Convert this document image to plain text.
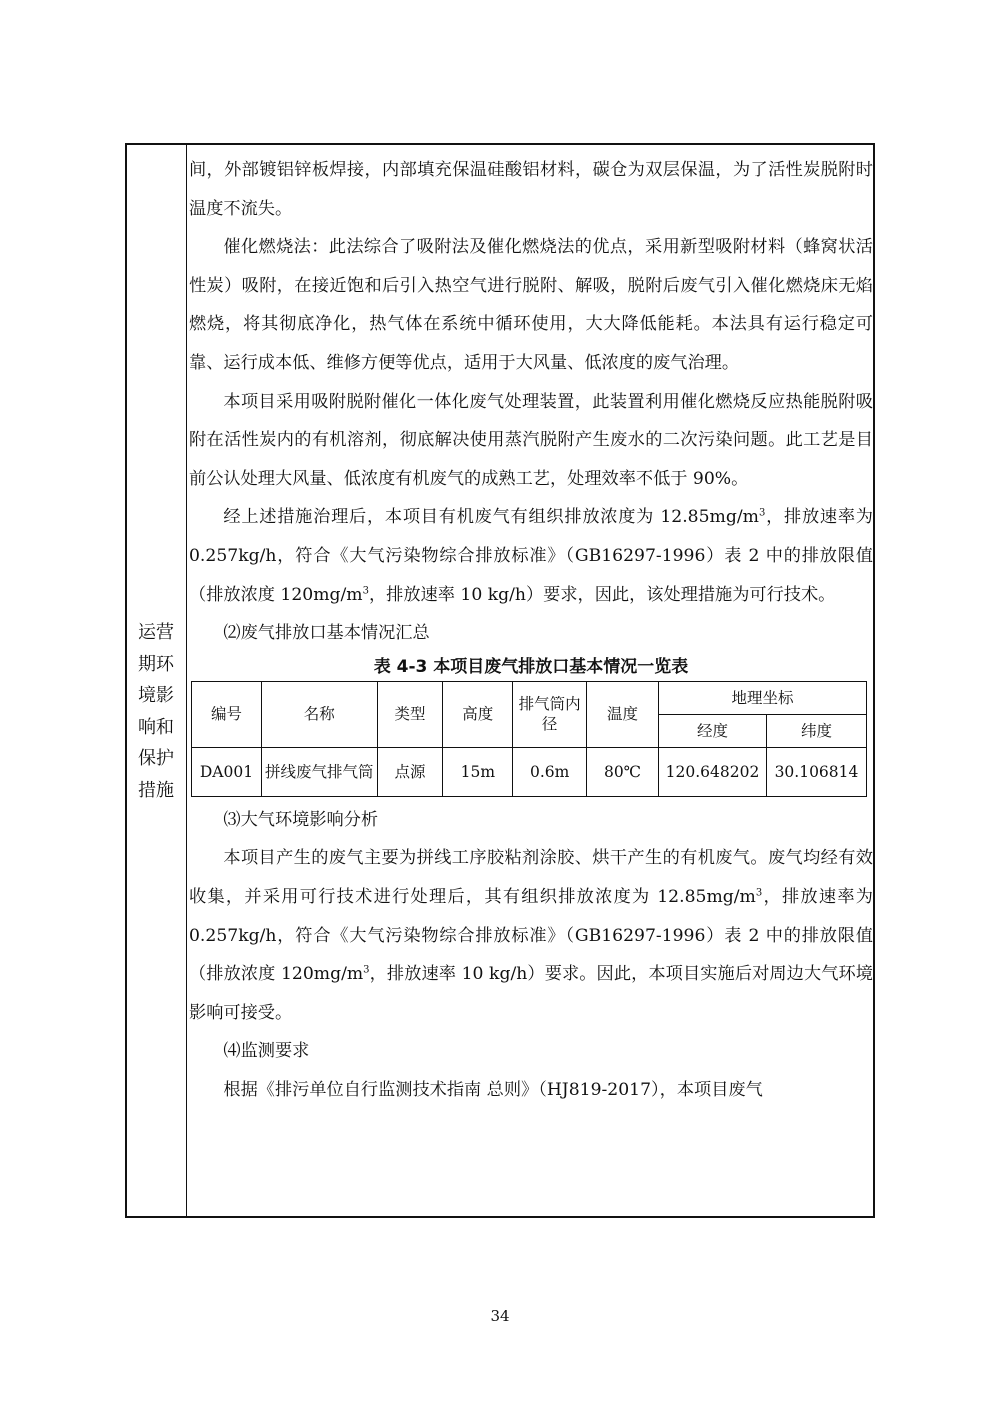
运营
期环
境影
响和
保护
措施

间，外部镀铝锌板焊接，内部填充保温硅酸铝材料，碳仓为双层保温，为了活性炭脱附时温度不流失。

催化燃烧法：此法综合了吸附法及催化燃烧法的优点，采用新型吸附材料（蜂窝状活性炭）吸附，在接近饱和后引入热空气进行脱附、解吸，脱附后废气引入催化燃烧床无焰燃烧，将其彻底净化，热气体在系统中循环使用，大大降低能耗。本法具有运行稳定可靠、运行成本低、维修方便等优点，适用于大风量、低浓度的废气治理。

本项目采用吸附脱附催化一体化废气处理装置，此装置利用催化燃烧反应热能脱附吸附在活性炭内的有机溶剂，彻底解决使用蒸汽脱附产生废水的二次污染问题。此工艺是目前公认处理大风量、低浓度有机废气的成熟工艺，处理效率不低于 90%。

经上述措施治理后，本项目有机废气有组织排放浓度为 $12.85mg/m^3$，排放速率为 0.257kg/h，符合《大气污染物综合排放标准》（GB16297-1996）表 2 中的排放限值（排放浓度 $120mg/m^3$，排放速率 10 kg/h）要求，因此，该处理措施为可行技术。

⑵废气排放口基本情况汇总

表 4-3 本项目废气排放口基本情况一览表

编号	名称	类型	高度	排气筒内径	温度	地理坐标	
						经度	纬度
DA001	拼线废气排气筒	点源	15m	0.6m	80℃	120.648202	30.106814

⑶大气环境影响分析

本项目产生的废气主要为拼线工序胶粘剂涂胶、烘干产生的有机废气。废气均经有效收集，并采用可行技术进行处理后，其有组织排放浓度为 $12.85mg/m^3$，排放速率为 0.257kg/h，符合《大气污染物综合排放标准》（GB16297-1996）表 2 中的排放限值（排放浓度 $120mg/m^3$，排放速率 10 kg/h）要求。因此，本项目实施后对周边大气环境影响可接受。

⑷监测要求

根据《排污单位自行监测技术指南 总则》（HJ819-2017），本项目废气

34
